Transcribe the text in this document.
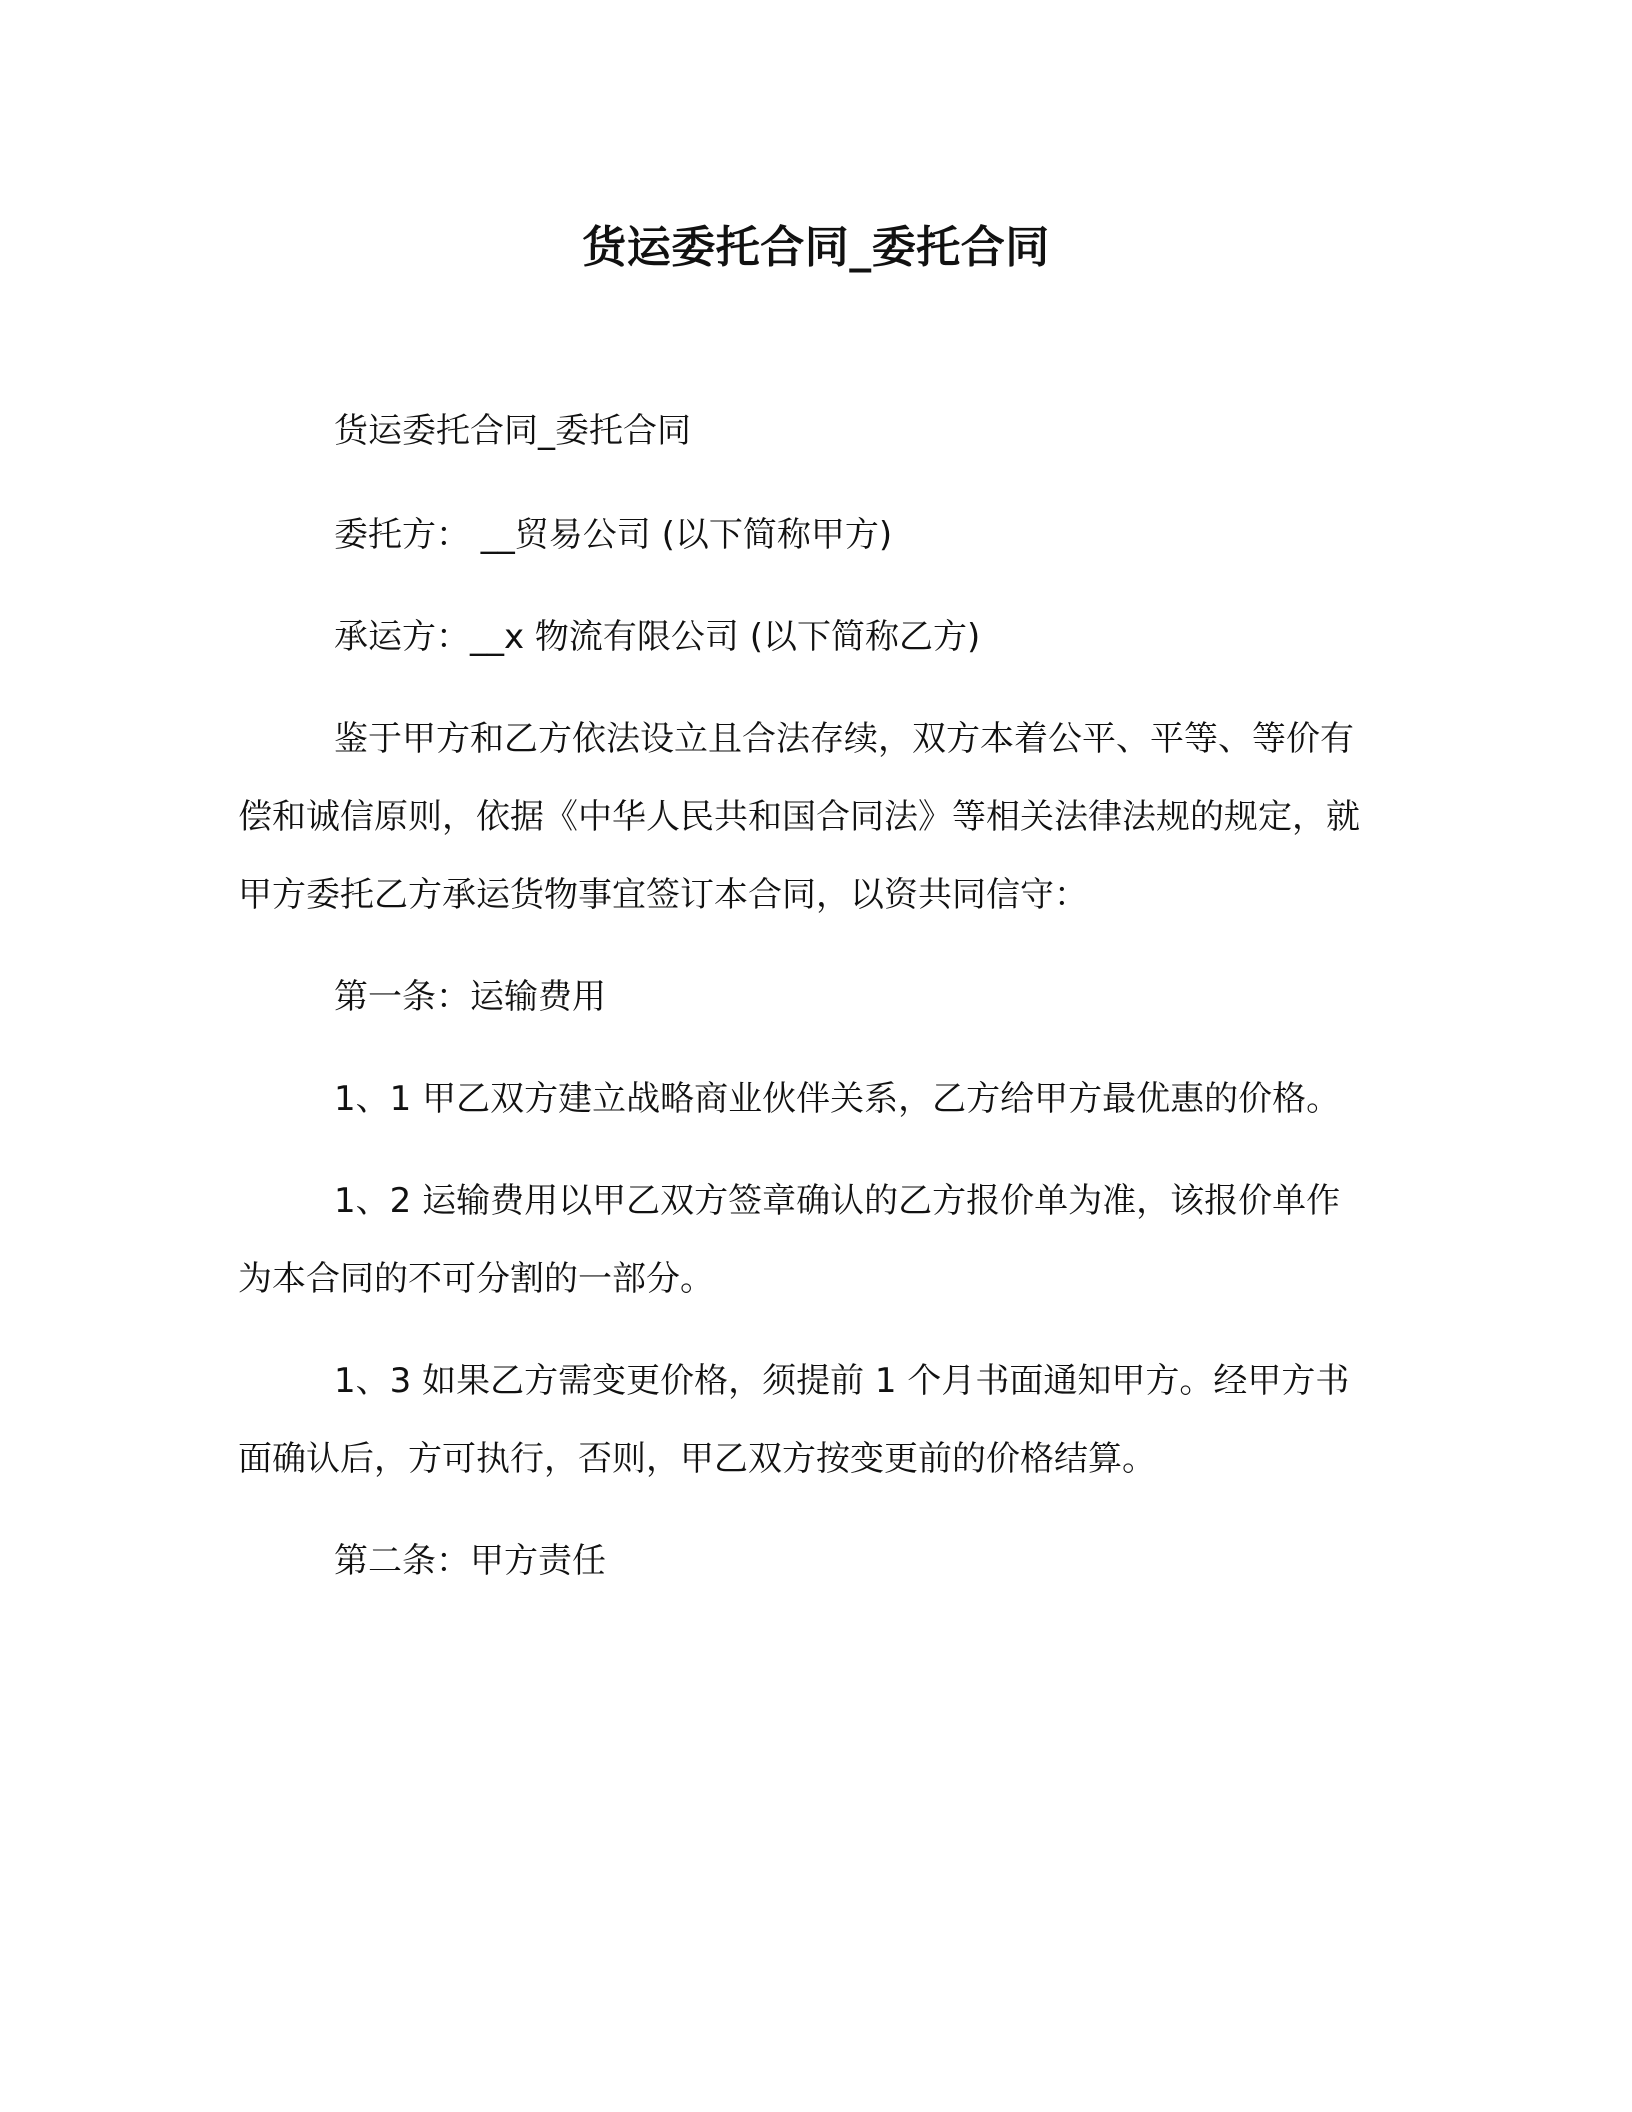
货运委托合同_委托合同

货运委托合同_委托合同

委托方： __贸易公司 (以下简称甲方)

承运方：__x 物流有限公司 (以下简称乙方)

鉴于甲方和乙方依法设立且合法存续，双方本着公平、平等、等价有偿和诚信原则，依据《中华人民共和国合同法》等相关法律法规的规定，就甲方委托乙方承运货物事宜签订本合同，以资共同信守：

第一条：运输费用

1、1 甲乙双方建立战略商业伙伴关系，乙方给甲方最优惠的价格。

1、2 运输费用以甲乙双方签章确认的乙方报价单为准，该报价单作为本合同的不可分割的一部分。

1、3 如果乙方需变更价格，须提前 1 个月书面通知甲方。经甲方书面确认后，方可执行，否则，甲乙双方按变更前的价格结算。

第二条：甲方责任
